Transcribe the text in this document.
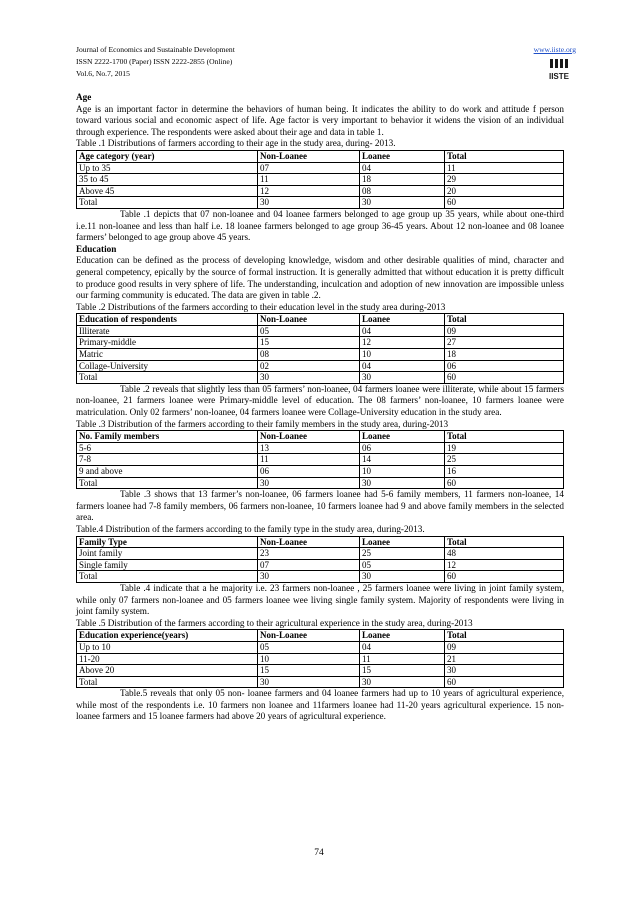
Journal of Economics and Sustainable Development
ISSN 2222-1700 (Paper) ISSN 2222-2855 (Online)
Vol.6, No.7, 2015
www.iiste.org
IISTE

Age

Age is an important factor in determine the behaviors of human being. It indicates the ability to do work and attitude f person toward various social and economic aspect of life. Age factor is very important to behavior it widens the vision of an individual through experience. The respondents were asked about their age and data in table 1.

Table .1 Distributions of farmers according to their age in the study area, during- 2013.

Age category (year)	Non-Loanee	Loanee	Total
Up to 35	07	04	11
35 to 45	11	18	29
Above 45	12	08	20
Total	30	30	60

Table .1 depicts that 07 non-loanee and 04 loanee farmers belonged to age group up 35 years, while about one-third i.e.11 non-loanee and less than half i.e. 18 loanee farmers belonged to age group 36-45 years. About 12 non-loanee and 08 loanee farmers’ belonged to age group above 45 years.

Education

Education can be defined as the process of developing knowledge, wisdom and other desirable qualities of mind, character and general competency, epically by the source of formal instruction. It is generally admitted that without education it is pretty difficult to produce good results in very sphere of life. The understanding, inculcation and adoption of new innovation are impossible unless our farming community is educated. The data are given in table .2.

Table .2 Distributions of the farmers according to their education level in the study area during-2013

Education of respondents	Non-Loanee	Loanee	Total
Illiterate	05	04	09
Primary-middle	15	12	27
Matric	08	10	18
Collage-University	02	04	06
Total	30	30	60

Table .2 reveals that slightly less than 05 farmers’ non-loanee, 04 farmers loanee were illiterate, while about 15 farmers non-loanee, 21 farmers loanee were Primary-middle level of education. The 08 farmers’ non-loanee, 10 farmers loanee were matriculation. Only 02 farmers’ non-loanee, 04 farmers loanee were Collage-University education in the study area.

Table .3 Distribution of the farmers according to their family members in the study area, during-2013

No. Family members	Non-Loanee	Loanee	Total
5-6	13	06	19
7-8	11	14	25
9 and above	06	10	16
Total	30	30	60

Table .3 shows that 13 farmer’s non-loanee, 06 farmers loanee had 5-6 family members, 11 farmers non-loanee, 14 farmers loanee had 7-8 family members, 06 farmers non-loanee, 10 farmers loanee had 9 and above family members in the selected area.

Table.4 Distribution of the farmers according to the family type in the study area, during-2013.

Family Type	Non-Loanee	Loanee	Total
Joint family	23	25	48
Single family	07	05	12
Total	30	30	60

Table .4 indicate that a he majority i.e. 23 farmers non-loanee , 25 farmers loanee were living in joint family system, while only 07 farmers non-loanee and 05 farmers loanee wee living single family system. Majority of respondents were living in joint family system.

Table .5 Distribution of the farmers according to their agricultural experience in the study area, during-2013

Education experience(years)	Non-Loanee	Loanee	Total
Up to 10	05	04	09
11-20	10	11	21
Above 20	15	15	30
Total	30	30	60

Table.5 reveals that only 05 non- loanee farmers and 04 loanee farmers had up to 10 years of agricultural experience, while most of the respondents i.e. 10 farmers non loanee and 11farmers loanee had 11-20 years agricultural experience. 15 non- loanee farmers and 15 loanee farmers had above 20 years of agricultural experience.

74
